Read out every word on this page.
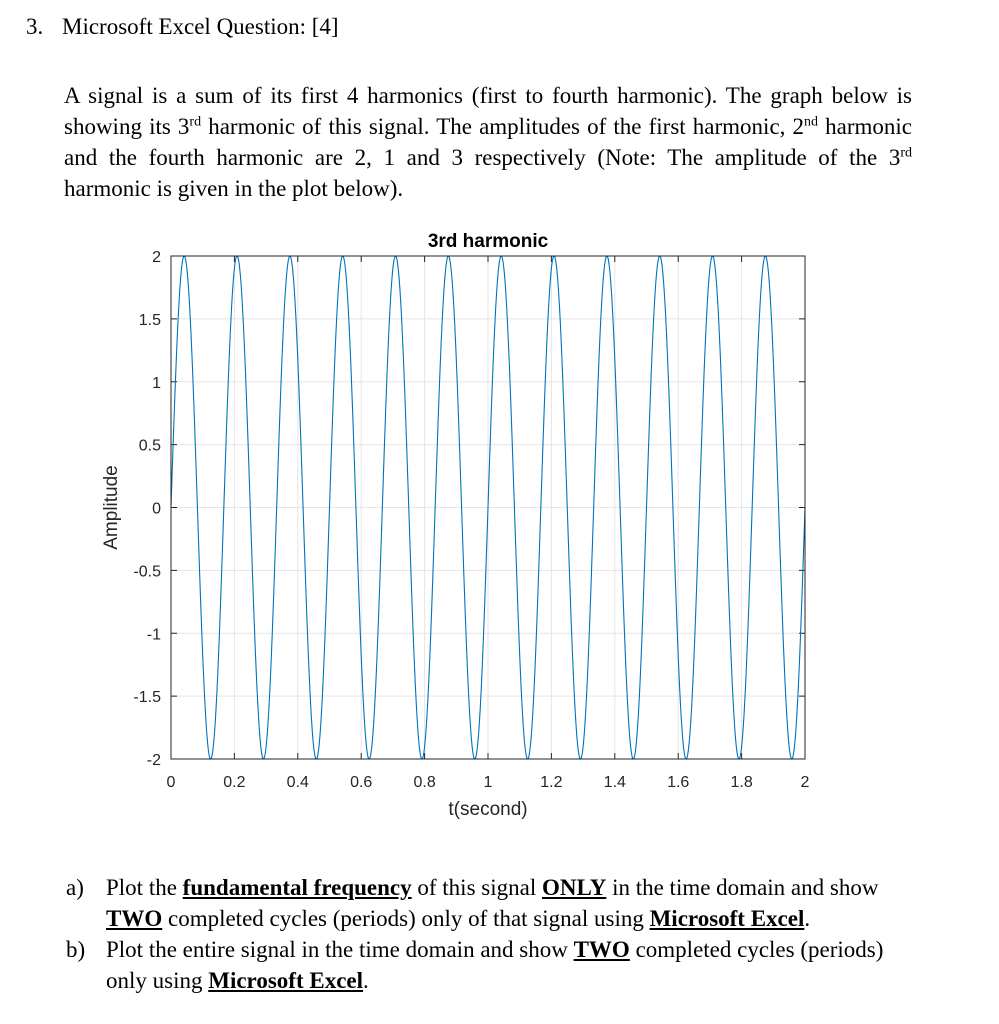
3. Microsoft Excel Question: [4]
A signal is a sum of its first 4 harmonics (first to fourth harmonic). The graph below is showing its 3rd harmonic of this signal. The amplitudes of the first harmonic, 2nd harmonic and the fourth harmonic are 2, 1 and 3 respectively (Note: The amplitude of the 3rd harmonic is given in the plot below).
0	0.2	0.4	0.6	0.8	1	1.2	1.4	1.6	1.8	2
-2
-1.5
-1
-0.5
0
0.5
1
1.5
2
3rd harmonic
t(second)
Amplitude
a) Plot the fundamental frequency of this signal ONLY in the time domain and show TWO completed cycles (periods) only of that signal using Microsoft Excel.
b) Plot the entire signal in the time domain and show TWO completed cycles (periods) only using Microsoft Excel.
